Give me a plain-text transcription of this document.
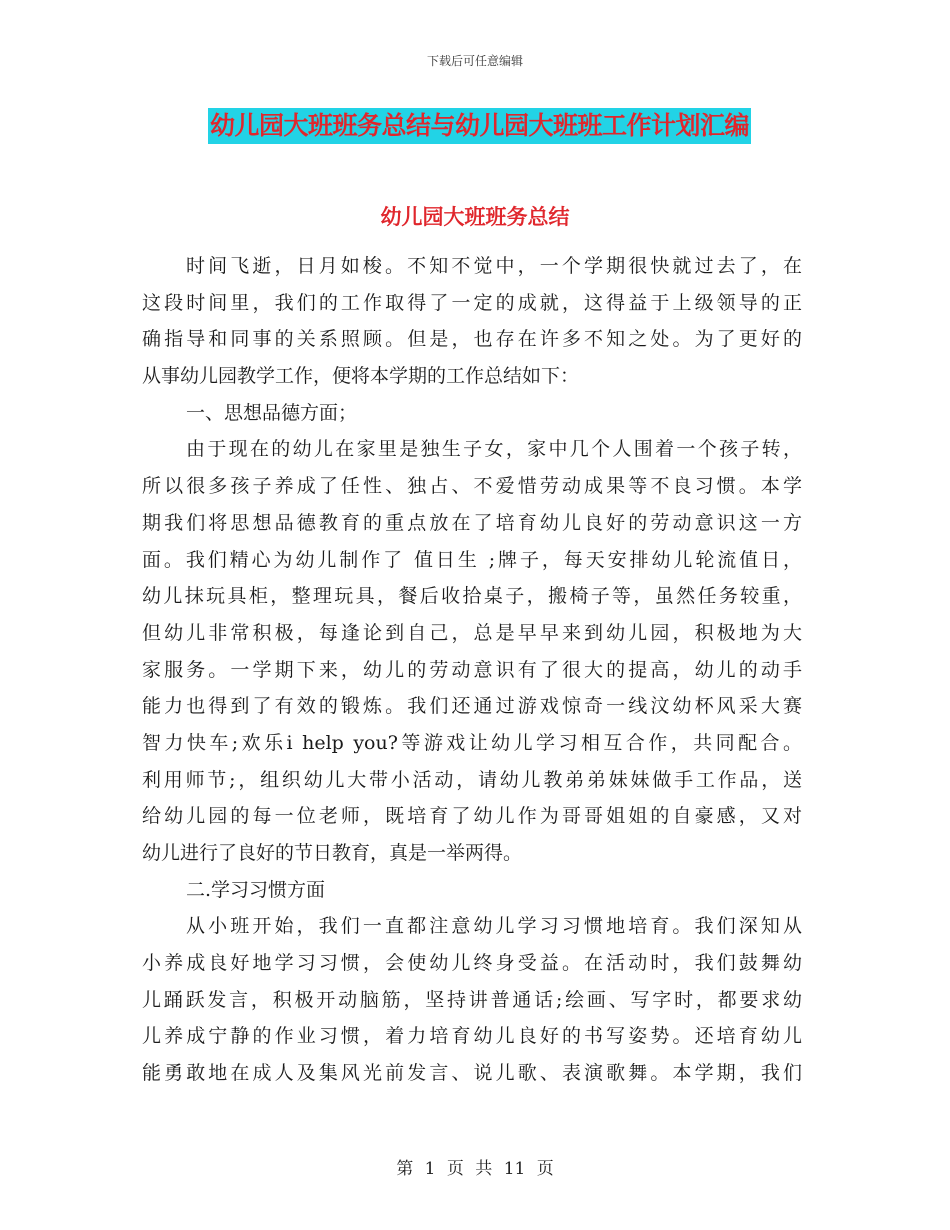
下载后可任意编辑
幼儿园大班班务总结与幼儿园大班班工作计划汇编
幼儿园大班班务总结
时间飞逝，日月如梭。不知不觉中，一个学期很快就过去了，在
这段时间里，我们的工作取得了一定的成就，这得益于上级领导的正
确指导和同事的关系照顾。但是，也存在许多不知之处。为了更好的
从事幼儿园教学工作，便将本学期的工作总结如下：
一、思想品德方面；
由于现在的幼儿在家里是独生子女，家中几个人围着一个孩子转，
所以很多孩子养成了任性、独占、不爱惜劳动成果等不良习惯。本学
期我们将思想品德教育的重点放在了培育幼儿良好的劳动意识这一方
面。我们精心为幼儿制作了 值日生 ;牌子，每天安排幼儿轮流值日，
幼儿抹玩具柜，整理玩具，餐后收拾桌子，搬椅子等，虽然任务较重，
但幼儿非常积极，每逢论到自己，总是早早来到幼儿园，积极地为大
家服务。一学期下来，幼儿的劳动意识有了很大的提高，幼儿的动手
能力也得到了有效的锻炼。我们还通过游戏惊奇一线汶幼杯风采大赛
智力快车;欢乐i help you?等游戏让幼儿学习相互合作，共同配合。
利用师节;，组织幼儿大带小活动，请幼儿教弟弟妹妹做手工作品，送
给幼儿园的每一位老师，既培育了幼儿作为哥哥姐姐的自豪感，又对
幼儿进行了良好的节日教育，真是一举两得。
二.学习习惯方面
从小班开始，我们一直都注意幼儿学习习惯地培育。我们深知从
小养成良好地学习习惯，会使幼儿终身受益。在活动时，我们鼓舞幼
儿踊跃发言，积极开动脑筋，坚持讲普通话;绘画、写字时，都要求幼
儿养成宁静的作业习惯，着力培育幼儿良好的书写姿势。还培育幼儿
能勇敢地在成人及集风光前发言、说儿歌、表演歌舞。本学期，我们
第 1 页 共 11 页
